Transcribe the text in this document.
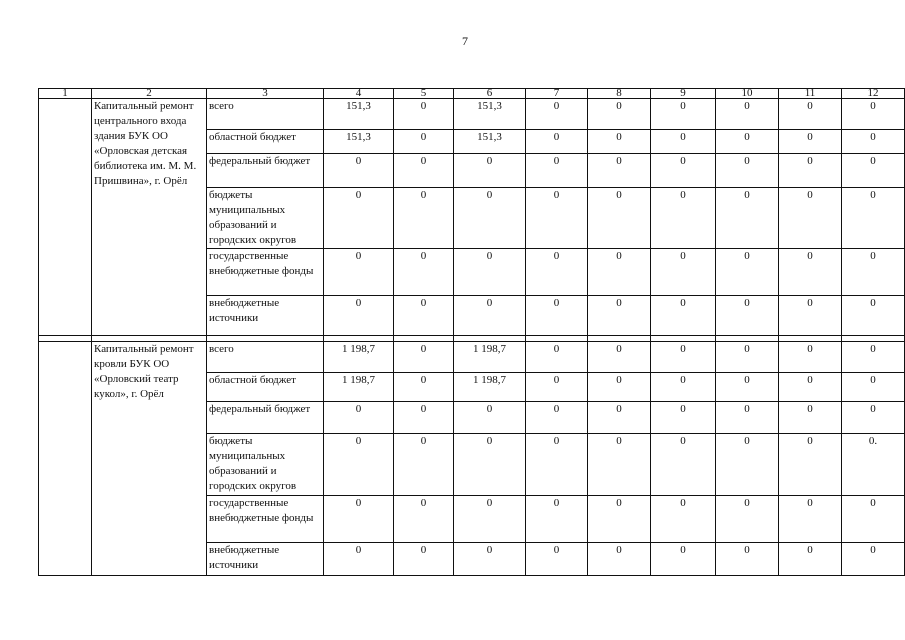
7
1	2	3	4	5	6	7	8	9	10	11	12
	Капитальный ремонт центрального входа здания БУК ОО «Орловская детская библиотека им. М. М. Пришвина», г. Орёл	всего	151,3	0	151,3	0	0	0	0	0	0
		областной бюджет	151,3	0	151,3	0	0	0	0	0	0
		федеральный бюджет	0	0	0	0	0	0	0	0	0
		бюджеты муниципальных образований и городских округов	0	0	0	0	0	0	0	0	0
		государственные внебюджетные фонды	0	0	0	0	0	0	0	0	0
		внебюджетные источники	0	0	0	0	0	0	0	0	0

	Капитальный ремонт кровли БУК ОО «Орловский театр кукол», г. Орёл	всего	1 198,7	0	1 198,7	0	0	0	0	0	0
		областной бюджет	1 198,7	0	1 198,7	0	0	0	0	0	0
		федеральный бюджет	0	0	0	0	0	0	0	0	0
		бюджеты муниципальных образований и городских округов	0	0	0	0	0	0	0	0	0.
		государственные внебюджетные фонды	0	0	0	0	0	0	0	0	0
		внебюджетные источники	0	0	0	0	0	0	0	0	0
